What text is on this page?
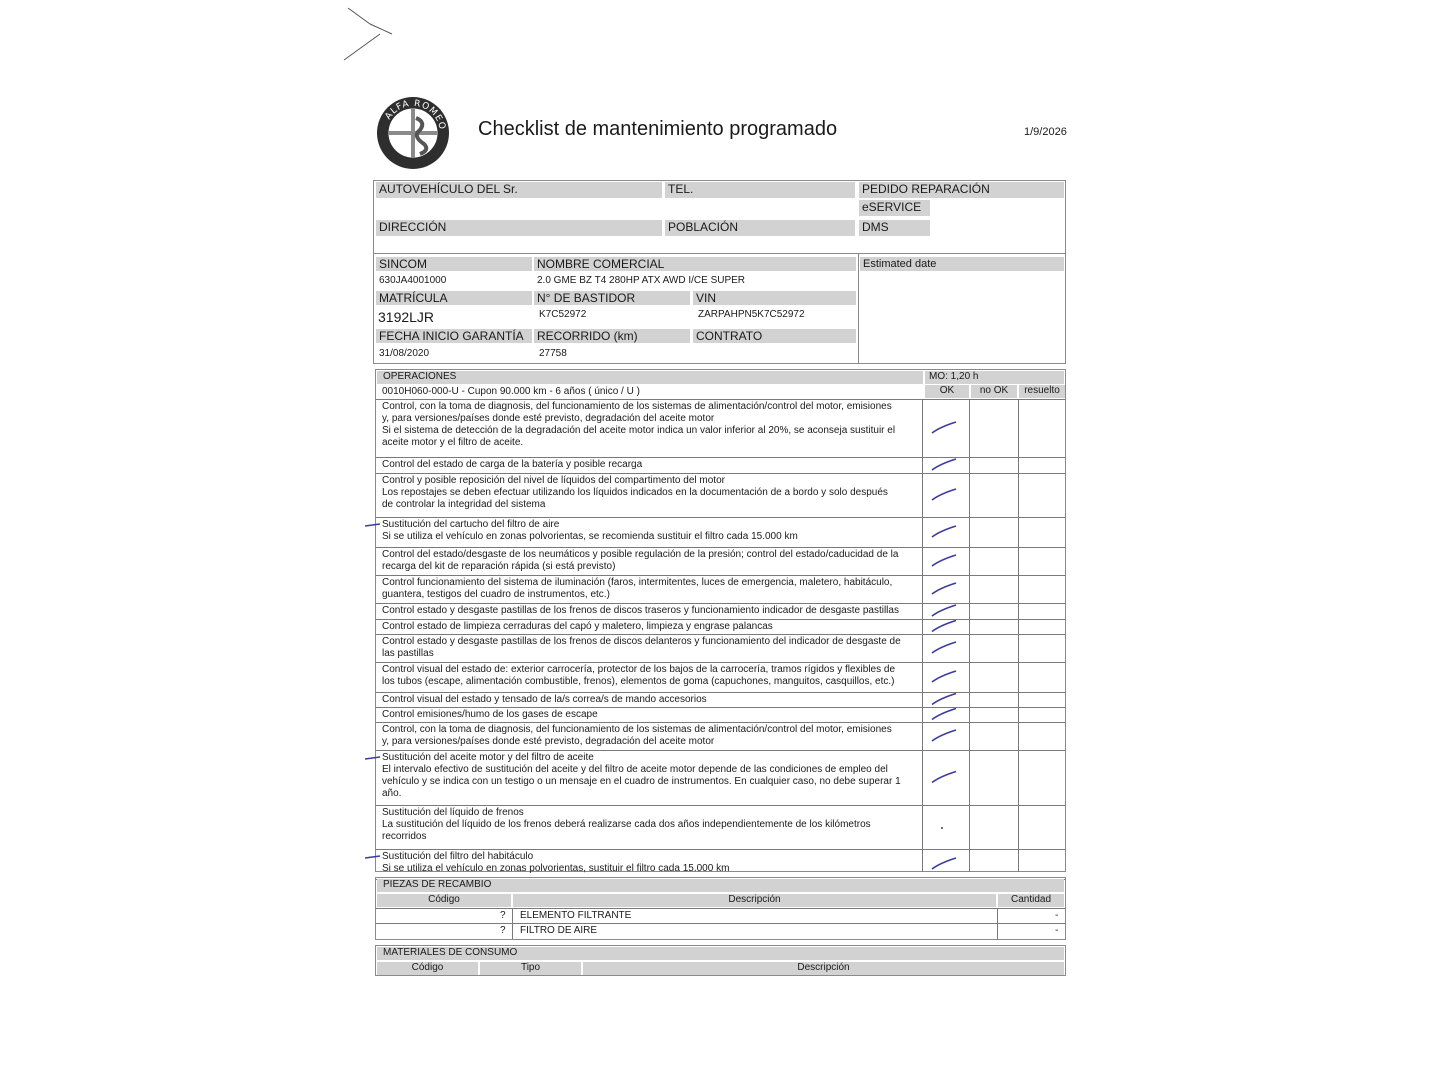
ALFA ROMEO Checklist de mantenimiento programado	1/9/2026
AUTOVEHÍCULO DEL Sr.	TEL.	PEDIDO REPARACIÓN
eSERVICE
DIRECCIÓN	POBLACIÓN	DMS
SINCOM	NOMBRE COMERCIAL	Estimated date
630JA4001000	2.0 GME BZ T4 280HP ATX AWD I/CE SUPER
MATRÍCULA	N° DE BASTIDOR	VIN
3192LJR	K7C52972	ZARPAHPN5K7C52972
FECHA INICIO GARANTÍA	RECORRIDO (km)	CONTRATO
31/08/2020	27758
OPERACIONES	MO: 1,20 h
0010H060-000-U - Cupon 90.000 km - 6 años ( único / U )	OK	no OK	resuelto
Control, con la toma de diagnosis, del funcionamiento de los sistemas de alimentación/control del motor, emisiones
y, para versiones/países donde esté previsto, degradación del aceite motor
Si el sistema de detección de la degradación del aceite motor indica un valor inferior al 20%, se aconseja sustituir el
aceite motor y el filtro de aceite.
Control del estado de carga de la batería y posible recarga
Control y posible reposición del nivel de líquidos del compartimento del motor
Los repostajes se deben efectuar utilizando los líquidos indicados en la documentación de a bordo y solo después
de controlar la integridad del sistema
Sustitución del cartucho del filtro de aire
Si se utiliza el vehículo en zonas polvorientas, se recomienda sustituir el filtro cada 15.000 km
Control del estado/desgaste de los neumáticos y posible regulación de la presión; control del estado/caducidad de la
recarga del kit de reparación rápida (si está previsto)
Control funcionamiento del sistema de iluminación (faros, intermitentes, luces de emergencia, maletero, habitáculo,
guantera, testigos del cuadro de instrumentos, etc.)
Control estado y desgaste pastillas de los frenos de discos traseros y funcionamiento indicador de desgaste pastillas
Control estado de limpieza cerraduras del capó y maletero, limpieza y engrase palancas
Control estado y desgaste pastillas de los frenos de discos delanteros y funcionamiento del indicador de desgaste de
las pastillas
Control visual del estado de: exterior carrocería, protector de los bajos de la carrocería, tramos rígidos y flexibles de
los tubos (escape, alimentación combustible, frenos), elementos de goma (capuchones, manguitos, casquillos, etc.)
Control visual del estado y tensado de la/s correa/s de mando accesorios
Control emisiones/humo de los gases de escape
Control, con la toma de diagnosis, del funcionamiento de los sistemas de alimentación/control del motor, emisiones
y, para versiones/países donde esté previsto, degradación del aceite motor
Sustitución del aceite motor y del filtro de aceite
El intervalo efectivo de sustitución del aceite y del filtro de aceite motor depende de las condiciones de empleo del
vehículo y se indica con un testigo o un mensaje en el cuadro de instrumentos. En cualquier caso, no debe superar 1
año.
Sustitución del líquido de frenos
La sustitución del líquido de los frenos deberá realizarse cada dos años independientemente de los kilómetros
recorridos
Sustitución del filtro del habitáculo
Si se utiliza el vehículo en zonas polvorientas, sustituir el filtro cada 15.000 km
PIEZAS DE RECAMBIO
Código	Descripción	Cantidad
? ELEMENTO FILTRANTE	-
? FILTRO DE AIRE	-
MATERIALES DE CONSUMO
Código	Tipo	Descripción
